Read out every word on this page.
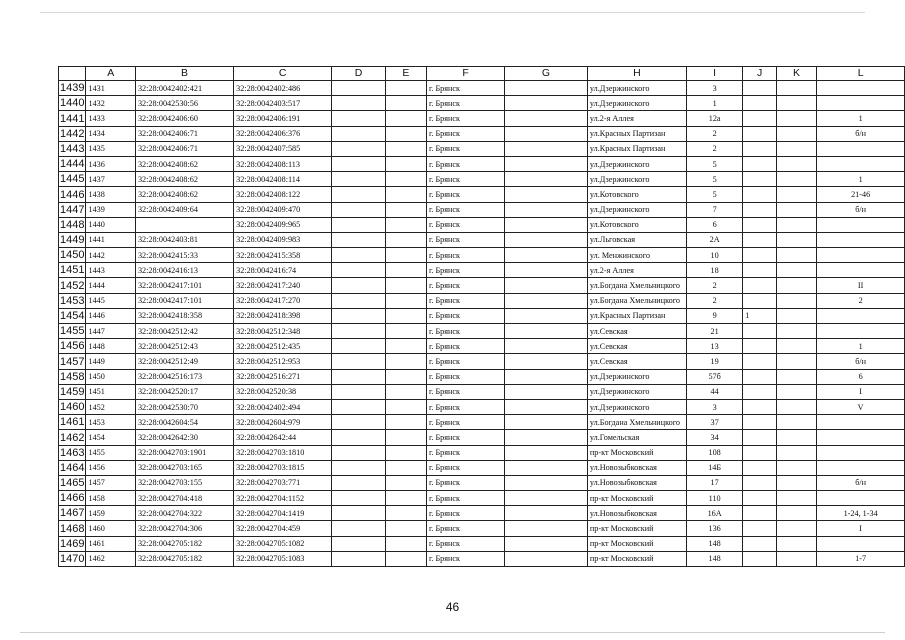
	A	B	C	D	E	F	G	H	I	J	K	L
1439	1431	32:28:0042402:421	32:28:0042402:486			г. Брянск		ул.Дзержинского	3			
1440	1432	32:28:0042530:56	32:28:0042403:517			г. Брянск		ул.Дзержинского	1			
1441	1433	32:28:0042406:60	32:28:0042406:191			г. Брянск		ул.2-я Аллея	12а			1
1442	1434	32:28:0042406:71	32:28:0042406:376			г. Брянск		ул.Красных Партизан	2			б/н
1443	1435	32:28:0042406:71	32:28:0042407:585			г. Брянск		ул.Красных Партизан	2			
1444	1436	32:28:0042408:62	32:28:0042408:113			г. Брянск		ул.Дзержинского	5			
1445	1437	32:28:0042408:62	32:28:0042408:114			г. Брянск		ул.Дзержинского	5			1
1446	1438	32:28:0042408:62	32:28:0042408:122			г. Брянск		ул.Котовского	5			21-46
1447	1439	32:28:0042409:64	32:28:0042409:470			г. Брянск		ул.Дзержинского	7			б/н
1448	1440		32:28:0042409:965			г. Брянск		ул.Котовского	6			
1449	1441	32:28:0042403:81	32:28:0042409:983			г. Брянск		ул.Льговская	2А			
1450	1442	32:28:0042415:33	32:28:0042415:358			г. Брянск		ул. Менжинского	10			
1451	1443	32:28:0042416:13	32:28:0042416:74			г. Брянск		ул.2-я Аллея	18			
1452	1444	32:28:0042417:101	32:28:0042417:240			г. Брянск		ул.Богдана Хмельницкого	2			II
1453	1445	32:28:0042417:101	32:28:0042417:270			г. Брянск		ул.Богдана Хмельницкого	2			2
1454	1446	32:28:0042418:358	32:28:0042418:398			г. Брянск		ул.Красных Партизан	9	1		
1455	1447	32:28:0042512:42	32:28:0042512:348			г. Брянск		ул.Севская	21			
1456	1448	32:28:0042512:43	32:28:0042512:435			г. Брянск		ул.Севская	13			1
1457	1449	32:28:0042512:49	32:28:0042512:953			г. Брянск		ул.Севская	19			б/н
1458	1450	32:28:0042516:173	32:28:0042516:271			г. Брянск		ул.Дзержинского	57б			6
1459	1451	32:28:0042520:17	32:28:0042520:38			г. Брянск		ул.Дзержинского	44			I
1460	1452	32:28:0042530:70	32:28:0042402:494			г. Брянск		ул.Дзержинского	3			V
1461	1453	32:28:0042604:54	32:28:0042604:979			г. Брянск		ул.Богдана Хмельницкого	37			
1462	1454	32:28:0042642:30	32:28:0042642:44			г. Брянск		ул.Гомельская	34			
1463	1455	32:28:0042703:1901	32:28:0042703:1810			г. Брянск		пр-кт Московский	108			
1464	1456	32:28:0042703:165	32:28:0042703:1815			г. Брянск		ул.Новозыбковская	14Б			
1465	1457	32:28:0042703:155	32:28:0042703:771			г. Брянск		ул.Новозыбковская	17			б/н
1466	1458	32:28:0042704:418	32:28:0042704:1152			г. Брянск		пр-кт Московский	110			
1467	1459	32:28:0042704:322	32:28:0042704:1419			г. Брянск		ул.Новозыбковская	16А			1-24, 1-34
1468	1460	32:28:0042704:306	32:28:0042704:459			г. Брянск		пр-кт Московский	136			I
1469	1461	32:28:0042705:182	32:28:0042705:1082			г. Брянск		пр-кт Московский	148			
1470	1462	32:28:0042705:182	32:28:0042705:1083			г. Брянск		пр-кт Московский	148			1-7
46
